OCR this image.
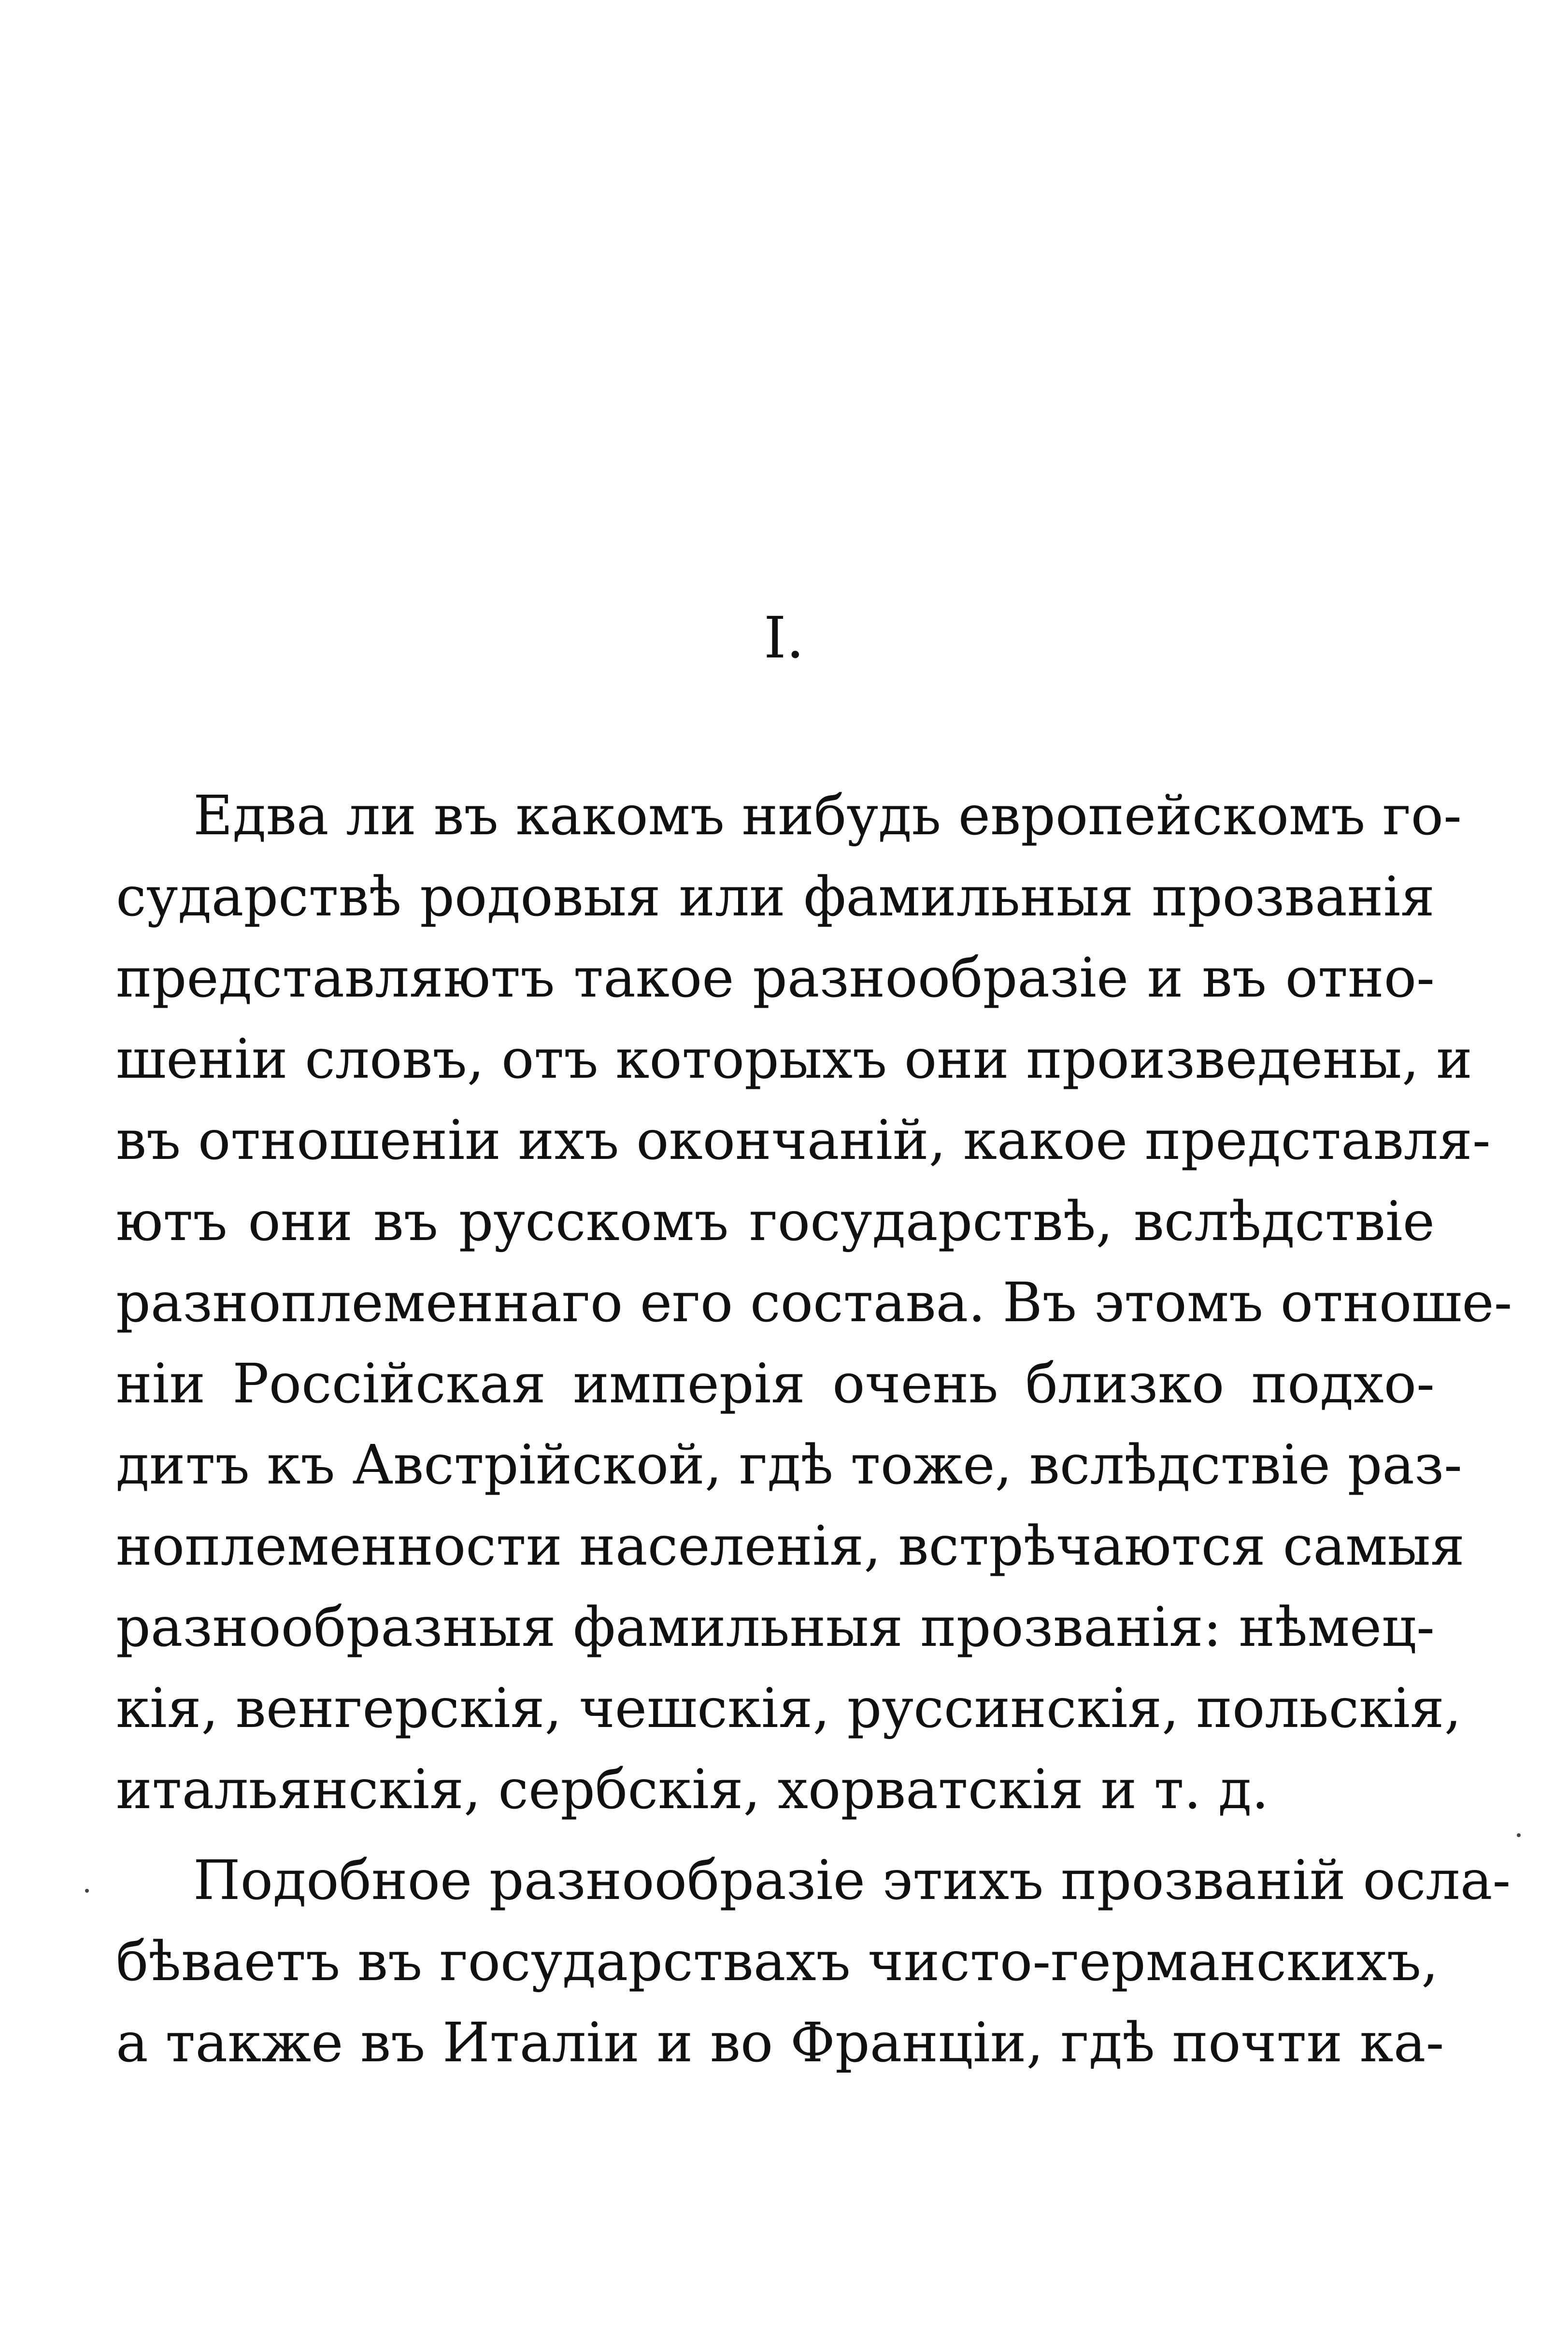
I.
Едва ли въ какомъ нибудь европейскомъ го-
сударствѣ родовыя или фамильныя прозванія
представляютъ такое разнообразіе и въ отно-
шеніи словъ, отъ которыхъ они произведены, и
въ отношеніи ихъ окончаній, какое представля-
ютъ они въ русскомъ государствѣ, вслѣдствіе
разноплеменнаго его состава. Въ этомъ отноше-
ніи Россійская имперія очень близко подхо-
дитъ къ Австрійской, гдѣ тоже, вслѣдствіе раз-
ноплеменности населенія, встрѣчаются самыя
разнообразныя фамильныя прозванія: нѣмец-
кія, венгерскія, чешскія, руссинскія, польскія,
итальянскія, сербскія, хорватскія и т. д.
Подобное разнообразіе этихъ прозваній осла-
бѣваетъ въ государствахъ чисто-германскихъ,
а также въ Италіи и во Франціи, гдѣ почти ка-
